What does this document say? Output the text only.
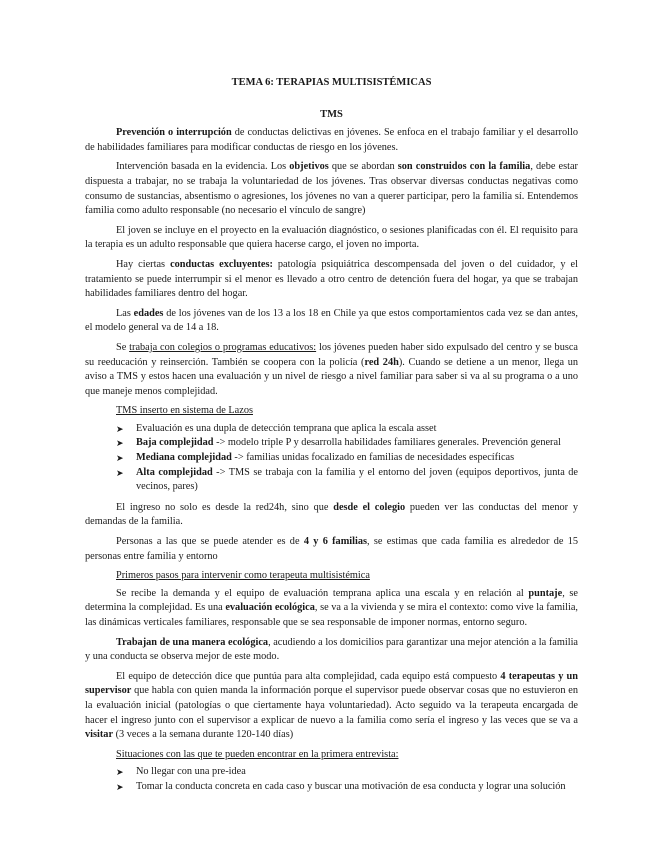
TEMA 6: TERAPIAS MULTISISTÉMICAS

TMS

Prevención o interrupción de conductas delictivas en jóvenes. Se enfoca en el trabajo familiar y el desarrollo de habilidades familiares para modificar conductas de riesgo en los jóvenes.

Intervención basada en la evidencia. Los objetivos que se abordan son construidos con la familia, debe estar dispuesta a trabajar, no se trabaja la voluntariedad de los jóvenes. Tras observar diversas conductas negativas como consumo de sustancias, absentismo o agresiones, los jóvenes no van a querer participar, pero la familia sí. Entendemos familia como adulto responsable (no necesario el vínculo de sangre)

El joven se incluye en el proyecto en la evaluación diagnóstico, o sesiones planificadas con él. El requisito para la terapia es un adulto responsable que quiera hacerse cargo, el joven no importa.

Hay ciertas conductas excluyentes: patología psiquiátrica descompensada del joven o del cuidador, y el tratamiento se puede interrumpir si el menor es llevado a otro centro de detención fuera del hogar, ya que se trabajan habilidades familiares dentro del hogar.

Las edades de los jóvenes van de los 13 a los 18 en Chile ya que estos comportamientos cada vez se dan antes, el modelo general va de 14 a 18.

Se trabaja con colegios o programas educativos: los jóvenes pueden haber sido expulsado del centro y se busca su reeducación y reinserción. También se coopera con la policía (red 24h). Cuando se detiene a un menor, llega un aviso a TMS y estos hacen una evaluación y un nivel de riesgo a nivel familiar para saber si va al su programa o a uno que maneje menos complejidad.

TMS inserto en sistema de Lazos

➤ Evaluación es una dupla de detección temprana que aplica la escala asset
➤ Baja complejidad -> modelo triple P y desarrolla habilidades familiares generales. Prevención general
➤ Mediana complejidad -> familias unidas focalizado en familias de necesidades específicas
➤ Alta complejidad -> TMS se trabaja con la familia y el entorno del joven (equipos deportivos, junta de vecinos, pares)

El ingreso no solo es desde la red24h, sino que desde el colegio pueden ver las conductas del menor y demandas de la familia.

Personas a las que se puede atender es de 4 y 6 familias, se estimas que cada familia es alrededor de 15 personas entre familia y entorno

Primeros pasos para intervenir como terapeuta multisistémica

Se recibe la demanda y el equipo de evaluación temprana aplica una escala y en relación al puntaje, se determina la complejidad. Es una evaluación ecológica, se va a la vivienda y se mira el contexto: como vive la familia, las dinámicas verticales familiares, responsable que se sea responsable de imponer normas, entorno seguro.

Trabajan de una manera ecológica, acudiendo a los domicilios para garantizar una mejor atención a la familia y una conducta se observa mejor de este modo.

El equipo de detección dice que puntúa para alta complejidad, cada equipo está compuesto 4 terapeutas y un supervisor que habla con quien manda la información porque el supervisor puede observar cosas que no estuvieron en la evaluación inicial (patologías o que ciertamente haya voluntariedad). Acto seguido va la terapeuta encargada de hacer el ingreso junto con el supervisor a explicar de nuevo a la familia como sería el ingreso y las veces que se va a visitar (3 veces a la semana durante 120-140 días)

Situaciones con las que te pueden encontrar en la primera entrevista:

➤ No llegar con una pre-idea
➤ Tomar la conducta concreta en cada caso y buscar una motivación de esa conducta y lograr una solución
